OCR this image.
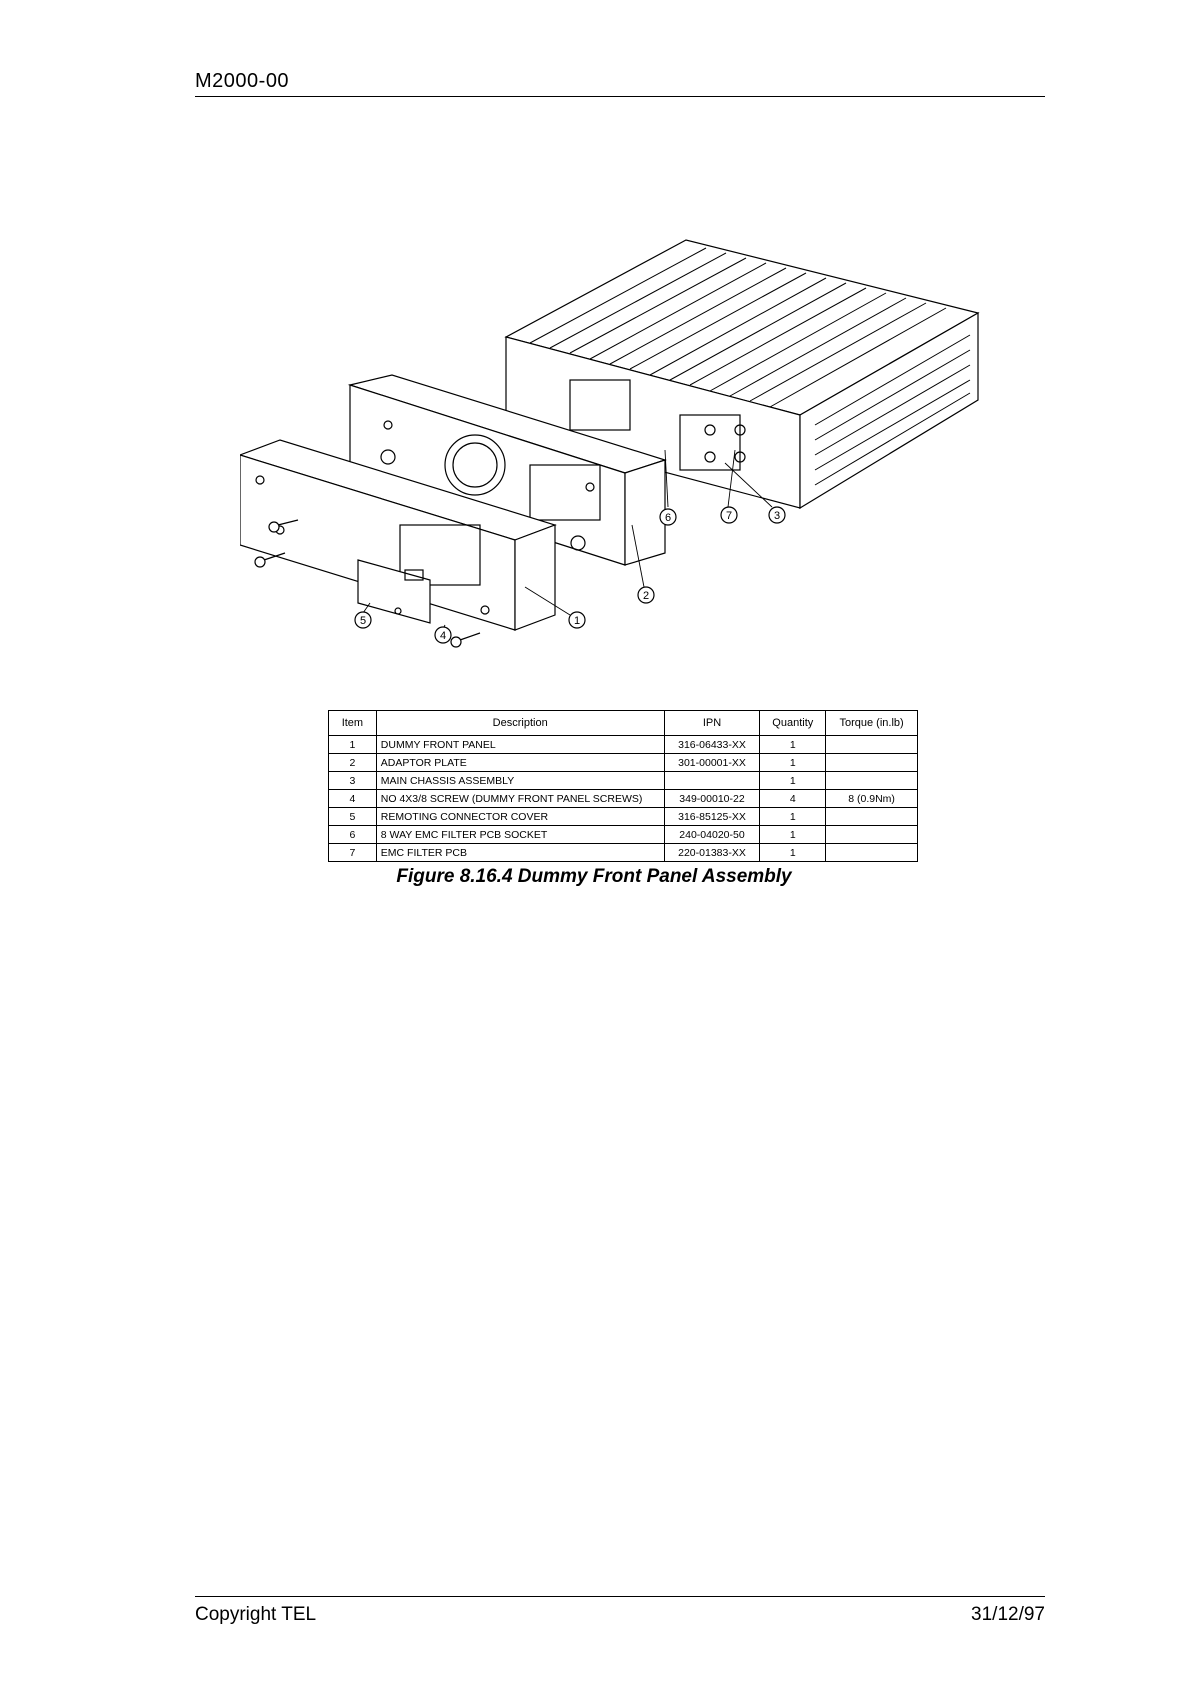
M2000-00
1
2
3
4
5
6	7
Item	Description	IPN	Quantity	Torque (in.lb)
1	DUMMY FRONT PANEL	316-06433-XX	1	
2	ADAPTOR PLATE	301-00001-XX	1	
3	MAIN CHASSIS ASSEMBLY		1	
4	NO 4X3/8 SCREW (DUMMY FRONT PANEL SCREWS)	349-00010-22	4	8 (0.9Nm)
5	REMOTING CONNECTOR COVER	316-85125-XX	1	
6	8 WAY EMC FILTER PCB SOCKET	240-04020-50	1	
7	EMC FILTER PCB	220-01383-XX	1	
Figure 8.16.4 Dummy Front Panel Assembly
Copyright TEL	31/12/97
